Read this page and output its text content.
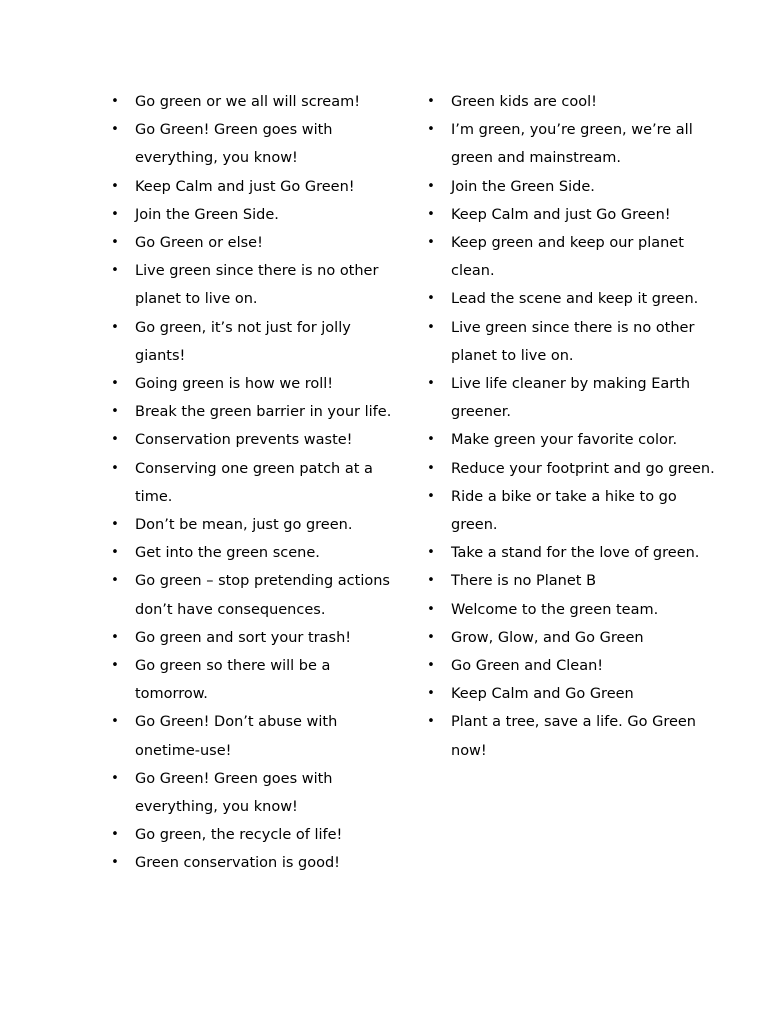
• Go green or we all will scream!
• Go Green! Green goes with everything, you know!
• Keep Calm and just Go Green!
• Join the Green Side.
• Go Green or else!
• Live green since there is no other planet to live on.
• Go green, it’s not just for jolly giants!
• Going green is how we roll!
• Break the green barrier in your life.
• Conservation prevents waste!
• Conserving one green patch at a time.
• Don’t be mean, just go green.
• Get into the green scene.
• Go green – stop pretending actions don’t have consequences.
• Go green and sort your trash!
• Go green so there will be a tomorrow.
• Go Green! Don’t abuse with onetime-use!
• Go Green! Green goes with everything, you know!
• Go green, the recycle of life!
• Green conservation is good!
• Green kids are cool!
• I’m green, you’re green, we’re all green and mainstream.
• Join the Green Side.
• Keep Calm and just Go Green!
• Keep green and keep our planet clean.
• Lead the scene and keep it green.
• Live green since there is no other planet to live on.
• Live life cleaner by making Earth greener.
• Make green your favorite color.
• Reduce your footprint and go green.
• Ride a bike or take a hike to go green.
• Take a stand for the love of green.
• There is no Planet B
• Welcome to the green team.
• Grow, Glow, and Go Green
• Go Green and Clean!
• Keep Calm and Go Green
• Plant a tree, save a life. Go Green now!
